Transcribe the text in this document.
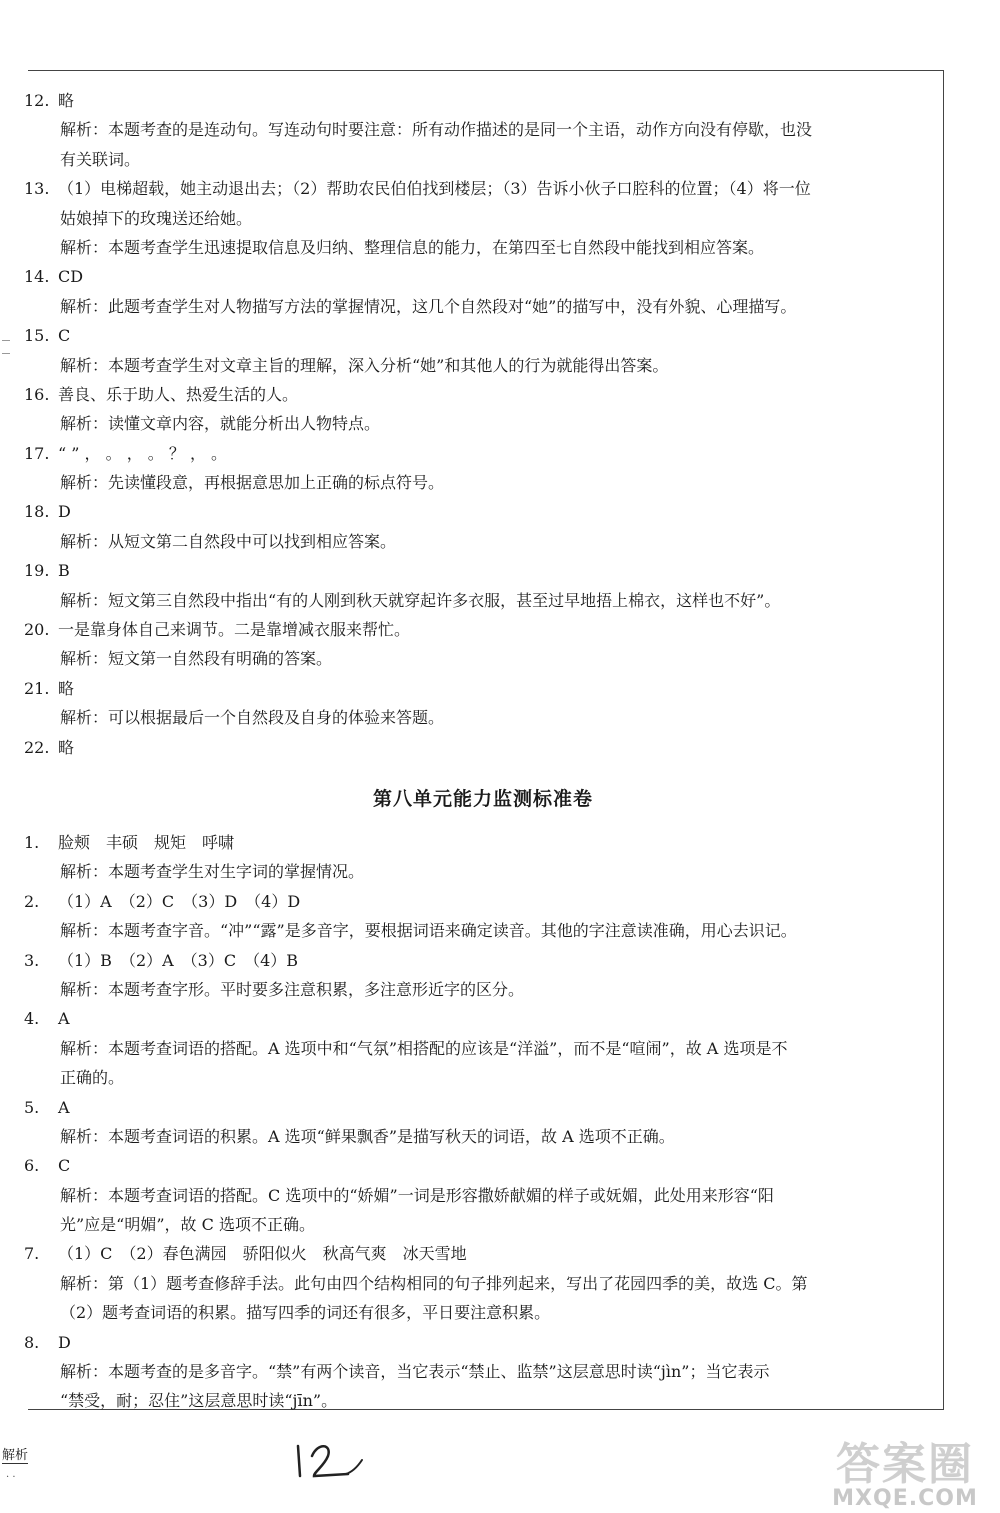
12. 略
解析：本题考查的是连动句。写连动句时要注意：所有动作描述的是同一个主语，动作方向没有停歇，也没
有关联词。
13. （1）电梯超载，她主动退出去；（2）帮助农民伯伯找到楼层；（3）告诉小伙子口腔科的位置；（4）将一位
姑娘掉下的玫瑰送还给她。
解析：本题考查学生迅速提取信息及归纳、整理信息的能力，在第四至七自然段中能找到相应答案。
14. CD
解析：此题考查学生对人物描写方法的掌握情况，这几个自然段对“她”的描写中，没有外貌、心理描写。
15. C
解析：本题考查学生对文章主旨的理解，深入分析“她”和其他人的行为就能得出答案。
16. 善良、乐于助人、热爱生活的人。
解析：读懂文章内容，就能分析出人物特点。
17. “ ” ， 。 ， 。 ？ ， 。
解析：先读懂段意，再根据意思加上正确的标点符号。
18. D
解析：从短文第二自然段中可以找到相应答案。
19. B
解析：短文第三自然段中指出“有的人刚到秋天就穿起许多衣服，甚至过早地捂上棉衣，这样也不好”。
20. 一是靠身体自己来调节。二是靠增减衣服来帮忙。
解析：短文第一自然段有明确的答案。
21. 略
解析：可以根据最后一个自然段及自身的体验来答题。
22. 略
第八单元能力监测标准卷
1. 脸颊　丰硕　规矩　呼啸
解析：本题考查学生对生字词的掌握情况。
2. （1）A　（2）C　（3）D　（4）D
解析：本题考查字音。“冲”“露”是多音字，要根据词语来确定读音。其他的字注意读准确，用心去识记。
3. （1）B　（2）A　（3）C　（4）B
解析：本题考查字形。平时要多注意积累，多注意形近字的区分。
4. A
解析：本题考查词语的搭配。A 选项中和“气氛”相搭配的应该是“洋溢”，而不是“喧闹”，故 A 选项是不
正确的。
5. A
解析：本题考查词语的积累。A 选项“鲜果飘香”是描写秋天的词语，故 A 选项不正确。
6. C
解析：本题考查词语的搭配。C 选项中的“娇媚”一词是形容撒娇献媚的样子或妩媚，此处用来形容“阳
光”应是“明媚”，故 C 选项不正确。
7. （1）C　（2）春色满园　骄阳似火　秋高气爽　冰天雪地
解析：第（1）题考查修辞手法。此句由四个结构相同的句子排列起来，写出了花园四季的美，故选 C。第
（2）题考查词语的积累。描写四季的词还有很多，平日要注意积累。
8. D
解析：本题考查的是多音字。“禁”有两个读音，当它表示“禁止、监禁”这层意思时读“jìn”；当它表示
“禁受，耐；忍住”这层意思时读“jīn”。
解析
· ·
12
答案圈
MXQE.COM
